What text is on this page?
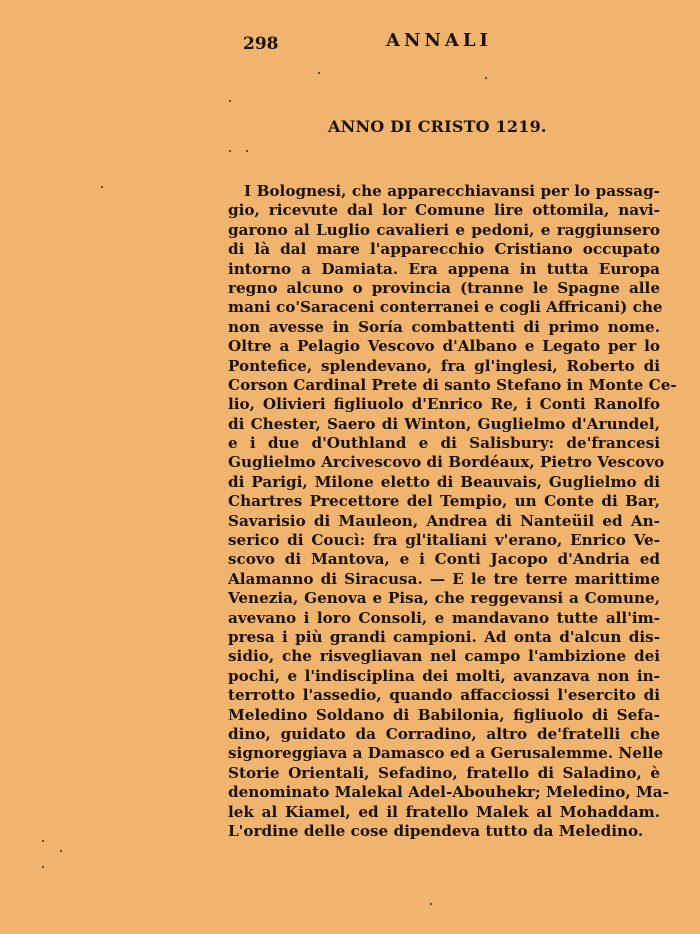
298	ANNALI
ANNO DI CRISTO 1219.
I Bolognesi, che apparecchiavansi per lo passag-
gio, ricevute dal lor Comune lire ottomila, navi-
garono al Luglio cavalieri e pedoni, e raggiunsero
di là dal mare l'apparecchio Cristiano occupato
intorno a Damiata. Era appena in tutta Europa
regno alcuno o provincia (tranne le Spagne alle
mani co'Saraceni conterranei e cogli Affricani) che
non avesse in Soría combattenti di primo nome.
Oltre a Pelagio Vescovo d'Albano e Legato per lo
Pontefice, splendevano, fra gl'inglesi, Roberto di
Corson Cardinal Prete di santo Stefano in Monte Ce-
lio, Olivieri figliuolo d'Enrico Re, i Conti Ranolfo
di Chester, Saero di Winton, Guglielmo d'Arundel,
e i due d'Outhland e di Salisbury: de'francesi
Guglielmo Arcivescovo di Bordéaux, Pietro Vescovo
di Parigi, Milone eletto di Beauvais, Guglielmo di
Chartres Precettore del Tempio, un Conte di Bar,
Savarisio di Mauleon, Andrea di Nanteüil ed An-
serico di Coucì: fra gl'italiani v'erano, Enrico Ve-
scovo di Mantova, e i Conti Jacopo d'Andria ed
Alamanno di Siracusa. — E le tre terre marittime
Venezia, Genova e Pisa, che reggevansi a Comune,
avevano i loro Consoli, e mandavano tutte all'im-
presa i più grandi campioni. Ad onta d'alcun dis-
sidio, che risvegliavan nel campo l'ambizione dei
pochi, e l'indisciplina dei molti, avanzava non in-
terrotto l'assedio, quando affacciossi l'esercito di
Meledino Soldano di Babilonia, figliuolo di Sefa-
dino, guidato da Corradino, altro de'fratelli che
signoreggiava a Damasco ed a Gerusalemme. Nelle
Storie Orientali, Sefadino, fratello di Saladino, è
denominato Malekal Adel-Abouhekr; Meledino, Ma-
lek al Kiamel, ed il fratello Malek al Mohaddam.
L'ordine delle cose dipendeva tutto da Meledino.
